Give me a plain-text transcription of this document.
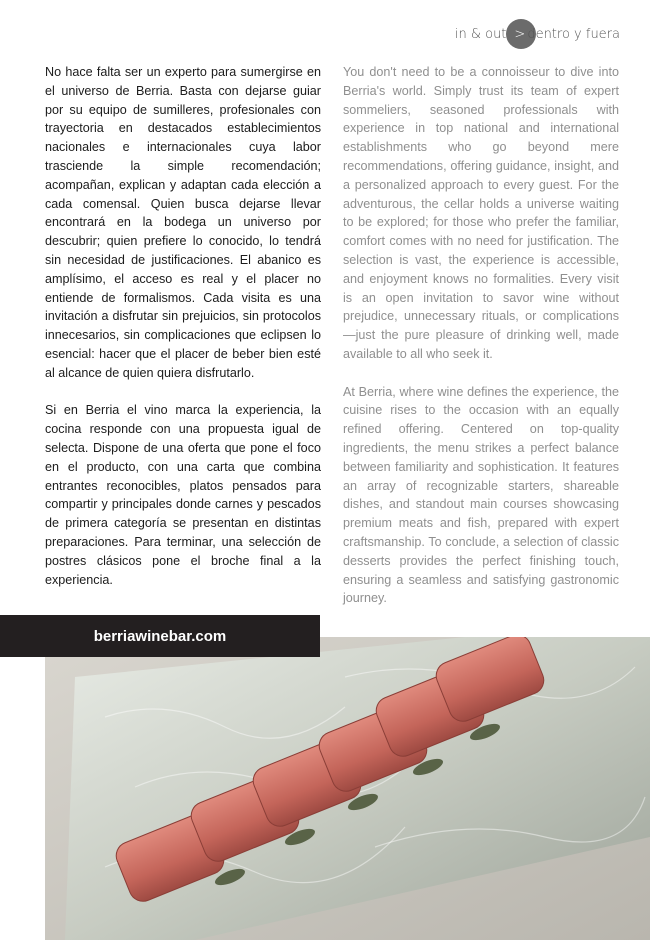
in & out > dentro y fuera

No hace falta ser un experto para sumergirse en el universo de Berria. Basta con dejarse guiar por su equipo de sumilleres, profesionales con trayectoria en destacados establecimientos nacionales e internacionales cuya labor trasciende la simple recomendación; acompañan, explican y adaptan cada elección a cada comensal. Quien busca dejarse llevar encontrará en la bodega un universo por descubrir; quien prefiere lo conocido, lo tendrá sin necesidad de justificaciones. El abanico es amplísimo, el acceso es real y el placer no entiende de formalismos. Cada visita es una invitación a disfrutar sin prejuicios, sin protocolos innecesarios, sin complicaciones que eclipsen lo esencial: hacer que el placer de beber bien esté al alcance de quien quiera disfrutarlo.

Si en Berria el vino marca la experiencia, la cocina responde con una propuesta igual de selecta. Dispone de una oferta que pone el foco en el producto, con una carta que combina entrantes reconocibles, platos pensados para compartir y principales donde carnes y pescados de primera categoría se presentan en distintas preparaciones. Para terminar, una selección de postres clásicos pone el broche final a la experiencia.

You don't need to be a connoisseur to dive into Berria's world. Simply trust its team of expert sommeliers, seasoned professionals with experience in top national and international establishments who go beyond mere recommendations, offering guidance, insight, and a personalized approach to every guest. For the adventurous, the cellar holds a universe waiting to be explored; for those who prefer the familiar, comfort comes with no need for justification. The selection is vast, the experience is accessible, and enjoyment knows no formalities. Every visit is an open invitation to savor wine without prejudice, unnecessary rituals, or complications—just the pure pleasure of drinking well, made available to all who seek it.

At Berria, where wine defines the experience, the cuisine rises to the occasion with an equally refined offering. Centered on top-quality ingredients, the menu strikes a perfect balance between familiarity and sophistication. It features an array of recognizable starters, shareable dishes, and standout main courses showcasing premium meats and fish, prepared with expert craftsmanship. To conclude, a selection of classic desserts provides the perfect finishing touch, ensuring a seamless and satisfying gastronomic journey.

berriawinebar.com
